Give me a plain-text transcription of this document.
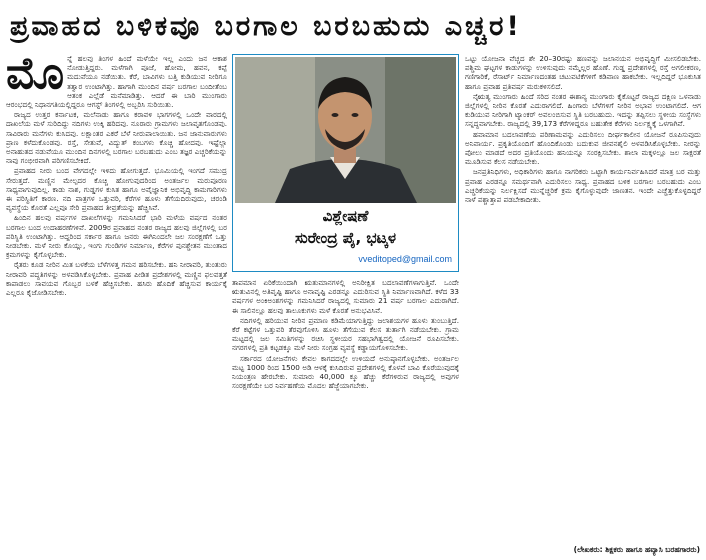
ಪ್ರವಾಹದ ಬಳಿಕವೂ ಬರಗಾಲ ಬರಬಹುದು ಎಚ್ಚರ!
ಮೊ ನ್ನೆ ಹಲವು ತಿಂಗಳ ಹಿಂದೆ ಮಳೆಯೇ ಇಲ್ಲ ಎಂದು ಜನ ಆಕಾಶ ನೋಡುತ್ತಿದ್ದರು. ಮಳೆಗಾಗಿ ಪೂಜೆ, ಹೋಮ, ಹವನ, ಕಪ್ಪೆ ಮದುವೆಯೂ ನಡೆಯಿತು. ಕೆರೆ, ಬಾವಿಗಳು ಬತ್ತಿ ಕುಡಿಯುವ ನೀರಿಗೂ ತತ್ವಾರ ಉಂಟಾಗಿತ್ತು. ಹಾಗಾಗಿ ಮುಂದಿನ ವರ್ಷ ಬರಗಾಲ ಬಂದೀತೆಂಬ ಆತಂಕ ಎಲ್ಲೆಡೆ ಮನೆಮಾಡಿತ್ತು. ಆದರೆ ಈ ಬಾರಿ ಮುಂಗಾರು ಆರಂಭದಲ್ಲಿ ನಿಧಾನಗತಿಯಲ್ಲಿದ್ದರೂ ಆಗಸ್ಟ್ ತಿಂಗಳಲ್ಲಿ ಅಬ್ಬರಿಸಿ ಸುರಿಯಿತು.

ರಾಜ್ಯದ ಉತ್ತರ ಕರ್ನಾಟಕ, ಮಲೆನಾಡು ಹಾಗೂ ಕರಾವಳಿ ಭಾಗಗಳಲ್ಲಿ ಒಂದೇ ವಾರದಲ್ಲಿ ದಾಖಲೆಯ ಮಳೆ ಸುರಿದಿದ್ದು ನದಿಗಳು ಉಕ್ಕಿ ಹರಿದವು. ನೂರಾರು ಗ್ರಾಮಗಳು ಜಲಾವೃತಗೊಂಡವು. ಸಾವಿರಾರು ಮನೆಗಳು ಕುಸಿದವು. ಲಕ್ಷಾಂತರ ಎಕರೆ ಬೆಳೆ ನೀರುಪಾಲಾಯಿತು. ಜನ ಜಾನುವಾರುಗಳು ಪ್ರಾಣ ಕಳೆದುಕೊಂಡವು. ರಸ್ತೆ, ಸೇತುವೆ, ವಿದ್ಯುತ್ ಕಂಬಗಳು ಕೊಚ್ಚಿ ಹೋದವು. ಇಷ್ಟೆಲ್ಲಾ ಅನಾಹುತದ ನಡುವೆಯೂ ಮುಂದಿನ ದಿನಗಳಲ್ಲಿ ಬರಗಾಲ ಬರಬಹುದು ಎಂಬ ತಜ್ಞರ ಎಚ್ಚರಿಕೆಯನ್ನು ನಾವು ಗಂಭೀರವಾಗಿ ಪರಿಗಣಿಸಬೇಕಿದೆ.

ಪ್ರವಾಹದ ನೀರು ಬಂದ ವೇಗದಲ್ಲೇ ಇಳಿದು ಹೋಗುತ್ತದೆ. ಭೂಮಿಯಲ್ಲಿ ಇಂಗದೆ ಸಮುದ್ರ ಸೇರುತ್ತದೆ. ಮಣ್ಣಿನ ಮೇಲ್ಪದರ ಕೊಚ್ಚಿ ಹೋಗುವುದರಿಂದ ಅಂತರ್ಜಲ ಮರುಪೂರಣ ಸಾಧ್ಯವಾಗುವುದಿಲ್ಲ. ಕಾಡು ನಾಶ, ಗುಡ್ಡಗಳ ಕುಸಿತ ಹಾಗೂ ಅವೈಜ್ಞಾನಿಕ ಅಭಿವೃದ್ಧಿ ಕಾಮಗಾರಿಗಳು ಈ ಪರಿಸ್ಥಿತಿಗೆ ಕಾರಣ. ನದಿ ಪಾತ್ರಗಳ ಒತ್ತುವರಿ, ಕೆರೆಗಳ ಹೂಳು ತೆಗೆಯದಿರುವುದು, ಚರಂಡಿ ವ್ಯವಸ್ಥೆಯ ಕೊರತೆ ಎಲ್ಲವೂ ಸೇರಿ ಪ್ರವಾಹದ ತೀವ್ರತೆಯನ್ನು ಹೆಚ್ಚಿಸಿವೆ.

ಹಿಂದಿನ ಹಲವು ವರ್ಷಗಳ ದಾಖಲೆಗಳನ್ನು ಗಮನಿಸಿದರೆ ಭಾರಿ ಮಳೆಯ ವರ್ಷದ ನಂತರ ಬರಗಾಲ ಬಂದ ಉದಾಹರಣೆಗಳಿವೆ. 2009ರ ಪ್ರವಾಹದ ನಂತರ ರಾಜ್ಯದ ಹಲವು ಜಿಲ್ಲೆಗಳಲ್ಲಿ ಬರ ಪರಿಸ್ಥಿತಿ ಉಂಟಾಗಿತ್ತು. ಆದ್ದರಿಂದ ಸರ್ಕಾರ ಹಾಗೂ ಜನರು ಈಗಿನಿಂದಲೇ ಜಲ ಸಂರಕ್ಷಣೆಗೆ ಒತ್ತು ನೀಡಬೇಕು. ಮಳೆ ನೀರು ಕೊಯ್ಲು, ಇಂಗು ಗುಂಡಿಗಳ ನಿರ್ಮಾಣ, ಕೆರೆಗಳ ಪುನಶ್ಚೇತನ ಮುಂತಾದ ಕ್ರಮಗಳನ್ನು ಕೈಗೊಳ್ಳಬೇಕು.

ರೈತರು ಕೂಡ ನೀರಿನ ಮಿತ ಬಳಕೆಯ ಬೆಳೆಗಳತ್ತ ಗಮನ ಹರಿಸಬೇಕು. ಹನಿ ನೀರಾವರಿ, ತುಂತುರು ನೀರಾವರಿ ಪದ್ಧತಿಗಳನ್ನು ಅಳವಡಿಸಿಕೊಳ್ಳಬೇಕು. ಪ್ರವಾಹ ಪೀಡಿತ ಪ್ರದೇಶಗಳಲ್ಲಿ ಮಣ್ಣಿನ ಫಲವತ್ತತೆ ಕಾಪಾಡಲು ಸಾವಯವ ಗೊಬ್ಬರ ಬಳಕೆ ಹೆಚ್ಚಿಸಬೇಕು. ಹಸಿರು ಹೊದಿಕೆ ಹೆಚ್ಚಿಸುವ ಕಾರ್ಯಕ್ಕೆ ಎಲ್ಲರೂ ಕೈಜೋಡಿಸಬೇಕು.

ವಿಶ್ಲೇಷಣೆ
ಸುರೇಂದ್ರ ಪೈ, ಭಟ್ಕಳ
vveditoped@gmail.com

ತಾಪಮಾನ ಏರಿಕೆಯಿಂದಾಗಿ ಋತುಮಾನಗಳಲ್ಲಿ ಅನಿರೀಕ್ಷಿತ ಬದಲಾವಣೆಗಳಾಗುತ್ತಿವೆ. ಒಂದೇ ಋತುವಿನಲ್ಲಿ ಅತಿವೃಷ್ಟಿ ಹಾಗೂ ಅನಾವೃಷ್ಟಿ ಎರಡನ್ನೂ ಎದುರಿಸುವ ಸ್ಥಿತಿ ನಿರ್ಮಾಣವಾಗಿದೆ. ಕಳೆದ 33 ವರ್ಷಗಳ ಅಂಕಿಅಂಶಗಳನ್ನು ಗಮನಿಸಿದರೆ ರಾಜ್ಯದಲ್ಲಿ ಸುಮಾರು 21 ವರ್ಷ ಬರಗಾಲ ಎದುರಾಗಿದೆ. ಈ ಸಾಲಿನಲ್ಲೂ ಹಲವು ತಾಲೂಕುಗಳು ಮಳೆ ಕೊರತೆ ಅನುಭವಿಸಿವೆ.

ನದಿಗಳಲ್ಲಿ ಹರಿಯುವ ನೀರಿನ ಪ್ರಮಾಣ ಕಡಿಮೆಯಾಗುತ್ತಿದ್ದು ಜಲಾಶಯಗಳ ಹೂಳು ತುಂಬುತ್ತಿದೆ. ಕೆರೆ ಕಟ್ಟೆಗಳ ಒತ್ತುವರಿ ತೆರವುಗೊಳಿಸಿ ಹೂಳು ತೆಗೆಯುವ ಕೆಲಸ ತುರ್ತಾಗಿ ನಡೆಯಬೇಕು. ಗ್ರಾಮ ಮಟ್ಟದಲ್ಲಿ ಜಲ ಸಮಿತಿಗಳನ್ನು ರಚಿಸಿ ಸ್ಥಳೀಯರ ಸಹಭಾಗಿತ್ವದಲ್ಲಿ ಯೋಜನೆ ರೂಪಿಸಬೇಕು. ನಗರಗಳಲ್ಲಿ ಪ್ರತಿ ಕಟ್ಟಡಕ್ಕೂ ಮಳೆ ನೀರು ಸಂಗ್ರಹ ವ್ಯವಸ್ಥೆ ಕಡ್ಡಾಯಗೊಳಿಸಬೇಕು.

ಸರ್ಕಾರದ ಯೋಜನೆಗಳು ಕೇವಲ ಕಾಗದದಲ್ಲೇ ಉಳಿಯದೆ ಅನುಷ್ಠಾನಗೊಳ್ಳಬೇಕು. ಅಂತರ್ಜಲ ಮಟ್ಟ 1000 ರಿಂದ 1500 ಅಡಿ ಆಳಕ್ಕೆ ಕುಸಿದಿರುವ ಪ್ರದೇಶಗಳಲ್ಲಿ ಕೊಳವೆ ಬಾವಿ ಕೊರೆಯುವುದಕ್ಕೆ ನಿಯಂತ್ರಣ ಹೇರಬೇಕು. ಸುಮಾರು 40,000 ಕ್ಕೂ ಹೆಚ್ಚು ಕೆರೆಗಳಿರುವ ರಾಜ್ಯದಲ್ಲಿ ಅವುಗಳ ಸಂರಕ್ಷಣೆಯೇ ಬರ ನಿರ್ವಹಣೆಯ ಮೊದಲ ಹೆಜ್ಜೆಯಾಗಬೇಕು.

ಒಟ್ಟು ಯೋಜನಾ ವೆಚ್ಚದ ಶೇ 20–30ರಷ್ಟು ಹಣವನ್ನು ಜಲಾನಯನ ಅಭಿವೃದ್ಧಿಗೆ ಮೀಸಲಿಡಬೇಕು. ಪಶ್ಚಿಮ ಘಟ್ಟಗಳ ಕಾಡುಗಳನ್ನು ಉಳಿಸುವುದು ನಮ್ಮೆಲ್ಲರ ಹೊಣೆ. ಗುಡ್ಡ ಪ್ರದೇಶಗಳಲ್ಲಿ ರಸ್ತೆ ಅಗಲೀಕರಣ, ಗಣಿಗಾರಿಕೆ, ರೆಸಾರ್ಟ್ ನಿರ್ಮಾಣದಂತಹ ಚಟುವಟಿಕೆಗಳಿಗೆ ಕಡಿವಾಣ ಹಾಕಬೇಕು. ಇಲ್ಲದಿದ್ದರೆ ಭೂಕುಸಿತ ಹಾಗೂ ಪ್ರವಾಹ ಪ್ರತಿವರ್ಷ ಮರುಕಳಿಸಲಿದೆ.

ನೈಋತ್ಯ ಮುಂಗಾರು ಹಿಂದೆ ಸರಿದ ನಂತರ ಈಶಾನ್ಯ ಮುಂಗಾರು ಕೈಕೊಟ್ಟರೆ ರಾಜ್ಯದ ದಕ್ಷಿಣ ಒಳನಾಡು ಜಿಲ್ಲೆಗಳಲ್ಲಿ ನೀರಿನ ಕೊರತೆ ಎದುರಾಗಲಿದೆ. ಹಿಂಗಾರು ಬೆಳೆಗಳಿಗೆ ನೀರಿನ ಅಭಾವ ಉಂಟಾಗಲಿದೆ. ಆಗ ಕುಡಿಯುವ ನೀರಿಗಾಗಿ ಟ್ಯಾಂಕರ್ ಅವಲಂಬಿಸುವ ಸ್ಥಿತಿ ಬರಬಹುದು. ಇದನ್ನು ತಪ್ಪಿಸಲು ಸ್ಥಳೀಯ ಸಂಸ್ಥೆಗಳು ಸನ್ನದ್ಧವಾಗಬೇಕು. ರಾಜ್ಯದಲ್ಲಿ 39,173 ಕೆರೆಗಳಿದ್ದರೂ ಬಹುತೇಕ ಕೆರೆಗಳು ನಿರ್ಲಕ್ಷ್ಯಕ್ಕೆ ಒಳಗಾಗಿವೆ.

ಹವಾಮಾನ ಬದಲಾವಣೆಯ ಪರಿಣಾಮವನ್ನು ಎದುರಿಸಲು ದೀರ್ಘಕಾಲೀನ ಯೋಜನೆ ರೂಪಿಸುವುದು ಅನಿವಾರ್ಯ. ಪ್ರಕೃತಿಯೊಂದಿಗೆ ಹೊಂದಿಕೊಂಡು ಬದುಕುವ ಜೀವನಶೈಲಿ ಅಳವಡಿಸಿಕೊಳ್ಳಬೇಕು. ನೀರನ್ನು ಪೋಲು ಮಾಡದೆ ಅದರ ಪ್ರತಿಯೊಂದು ಹನಿಯನ್ನೂ ಸಂರಕ್ಷಿಸಬೇಕು. ಶಾಲಾ ಮಕ್ಕಳಲ್ಲೂ ಜಲ ಸಾಕ್ಷರತೆ ಮೂಡಿಸುವ ಕೆಲಸ ನಡೆಯಬೇಕು.

ಜನಪ್ರತಿನಿಧಿಗಳು, ಅಧಿಕಾರಿಗಳು ಹಾಗೂ ನಾಗರಿಕರು ಒಟ್ಟಾಗಿ ಕಾರ್ಯನಿರ್ವಹಿಸಿದರೆ ಮಾತ್ರ ಬರ ಮತ್ತು ಪ್ರವಾಹ ಎರಡನ್ನೂ ಸಮರ್ಥವಾಗಿ ಎದುರಿಸಲು ಸಾಧ್ಯ. ಪ್ರವಾಹದ ಬಳಿಕ ಬರಗಾಲ ಬರಬಹುದು ಎಂಬ ಎಚ್ಚರಿಕೆಯನ್ನು ನಿರ್ಲಕ್ಷಿಸದೆ ಮುನ್ನೆಚ್ಚರಿಕೆ ಕ್ರಮ ಕೈಗೊಳ್ಳುವುದೇ ಜಾಣತನ. ಇಂದೇ ಎಚ್ಚೆತ್ತುಕೊಳ್ಳದಿದ್ದರೆ ನಾಳೆ ಪಶ್ಚಾತ್ತಾಪ ಪಡಬೇಕಾದೀತು.

(ಲೇಖಕರು: ಶಿಕ್ಷಕರು ಹಾಗೂ ಹವ್ಯಾಸಿ ಬರಹಗಾರರು)
